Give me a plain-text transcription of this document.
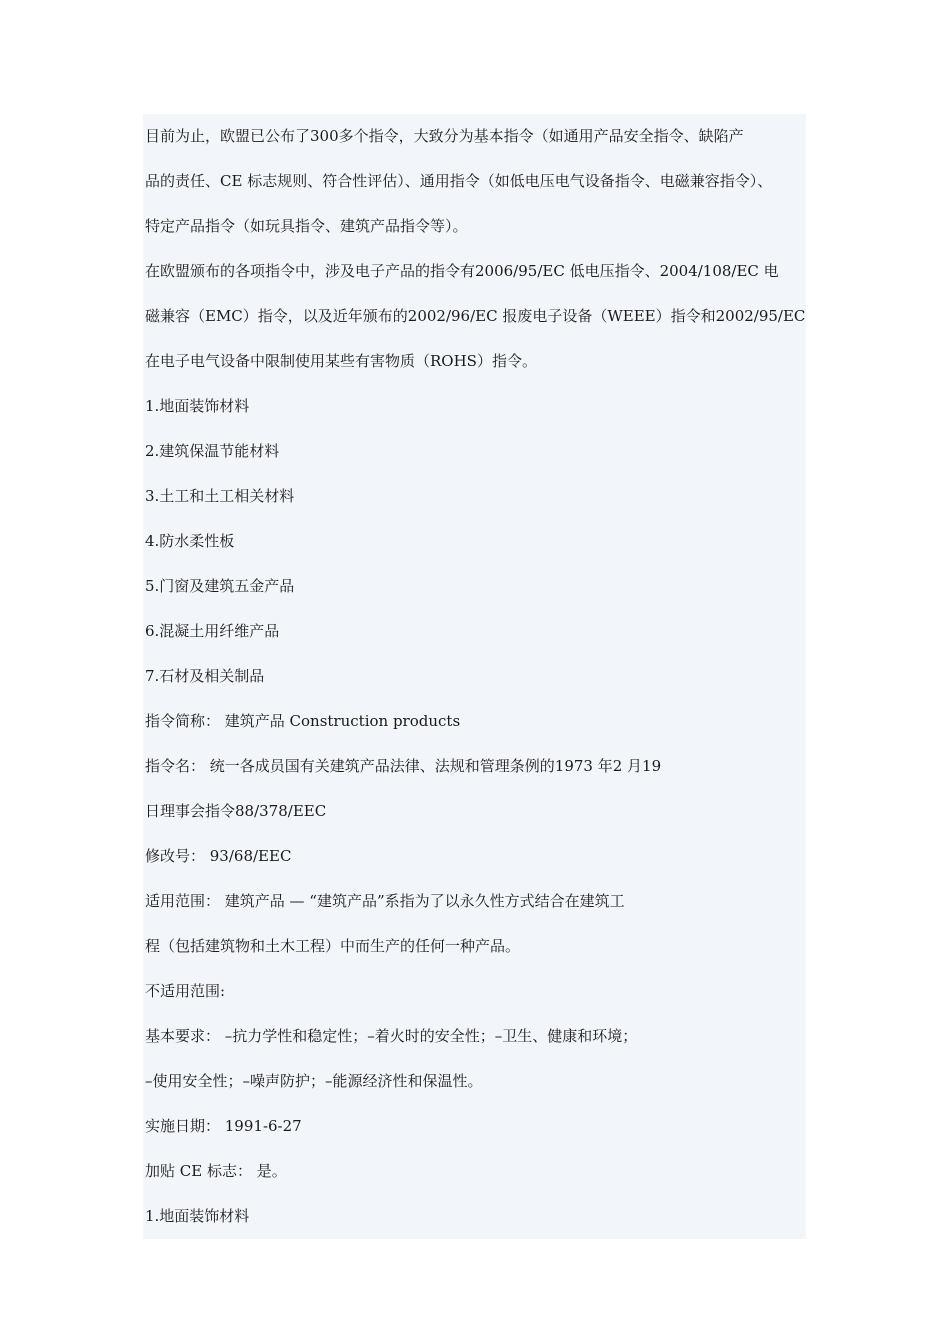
目前为止，欧盟已公布了300多个指令，大致分为基本指令（如通用产品安全指令、缺陷产
品的责任、CE 标志规则、符合性评估）、通用指令（如低电压电气设备指令、电磁兼容指令）、
特定产品指令（如玩具指令、建筑产品指令等）。
在欧盟颁布的各项指令中，涉及电子产品的指令有2006/95/EC 低电压指令、2004/108/EC 电
磁兼容（EMC）指令，以及近年颁布的2002/96/EC 报废电子设备（WEEE）指令和2002/95/EC
在电子电气设备中限制使用某些有害物质（ROHS）指令。
1.地面装饰材料
2.建筑保温节能材料
3.土工和土工相关材料
4.防水柔性板
5.门窗及建筑五金产品
6.混凝土用纤维产品
7.石材及相关制品
指令简称： 建筑产品 Construction products
指令名： 统一各成员国有关建筑产品法律、法规和管理条例的1973 年2 月19
日理事会指令88/378/EEC
修改号： 93/68/EEC
适用范围： 建筑产品 — “建筑产品”系指为了以永久性方式结合在建筑工
程（包括建筑物和土木工程）中而生产的任何一种产品。
不适用范围:
基本要求： –抗力学性和稳定性；–着火时的安全性；–卫生、健康和环境；
–使用安全性；–噪声防护；–能源经济性和保温性。
实施日期： 1991-6-27
加贴 CE 标志： 是。
1.地面装饰材料
